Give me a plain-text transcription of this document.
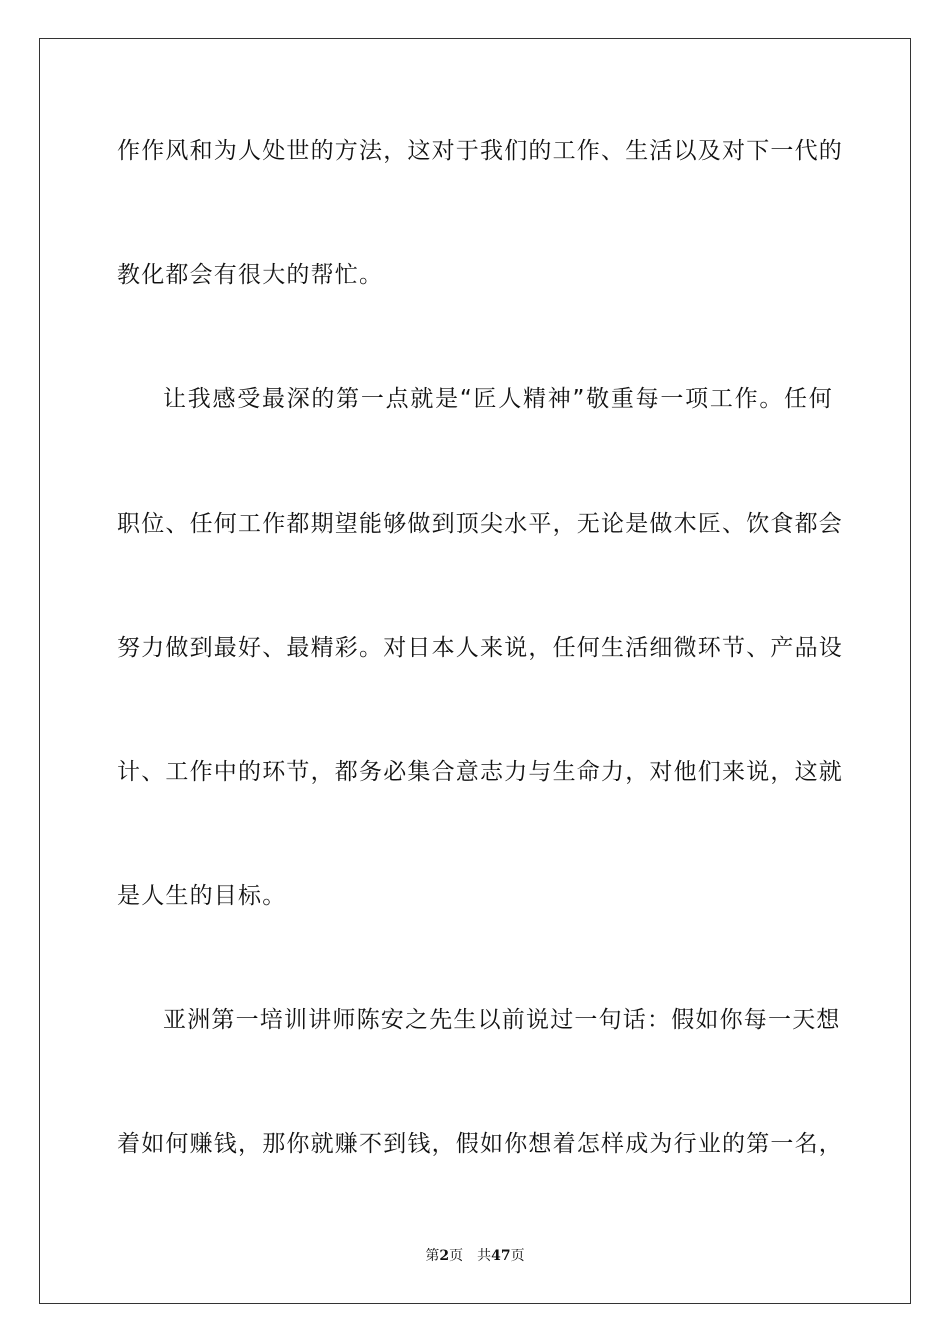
作作风和为人处世的方法，这对于我们的工作、生活以及对下一代的
教化都会有很大的帮忙。
让我感受最深的第一点就是“匠人精神”敬重每一项工作。任何
职位、任何工作都期望能够做到顶尖水平，无论是做木匠、饮食都会
努力做到最好、最精彩。对日本人来说，任何生活细微环节、产品设
计、工作中的环节，都务必集合意志力与生命力，对他们来说，这就
是人生的目标。
亚洲第一培训讲师陈安之先生以前说过一句话：假如你每一天想
着如何赚钱，那你就赚不到钱，假如你想着怎样成为行业的第一名，
第2页 共47页
